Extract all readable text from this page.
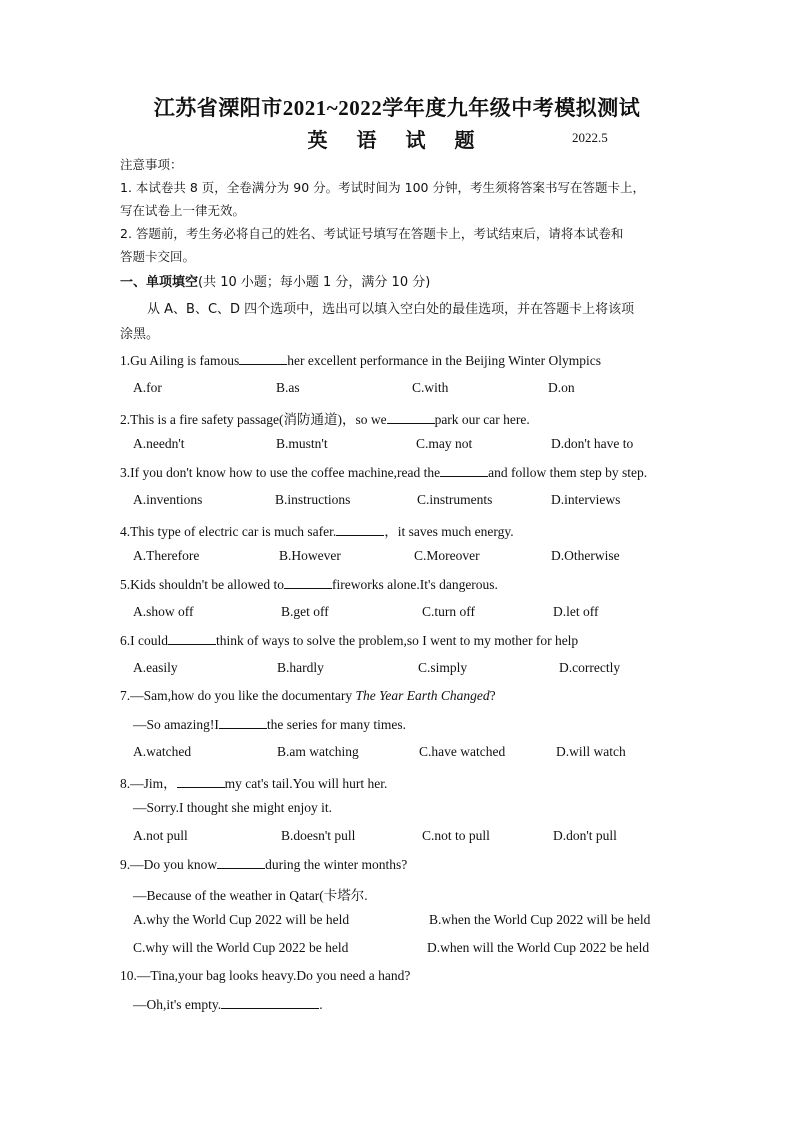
江苏省溧阳市2021~2022学年度九年级中考模拟测试
英 语 试 题	2022.5
注意事项：
1. 本试卷共 8 页，全卷满分为 90 分。考试时间为 100 分钟，考生须将答案书写在答题卡上，
写在试卷上一律无效。
2. 答题前，考生务必将自己的姓名、考试证号填写在答题卡上，考试结束后，请将本试卷和
答题卡交回。
一、单项填空(共 10 小题；每小题 1 分，满分 10 分)
从 A、B、C、D 四个选项中，选出可以填入空白处的最佳选项，并在答题卡上将该项
涂黑。
1.Gu Ailing is famous	her excellent performance in the Beijing Winter Olympics
A.for	B.as	C.with	D.on
2.This is a fire safety passage(消防通道)，so we	park our car here.
A.needn't	B.mustn't	C.may not	D.don't have to
3.If you don't know how to use the coffee machine,read the	and follow them step by step.
A.inventions	B.instructions	C.instruments	D.interviews
4.This type of electric car is much safer.	，it saves much energy.
A.Therefore	B.However	C.Moreover	D.Otherwise
5.Kids shouldn't be allowed to	fireworks alone.It's dangerous.
A.show off	B.get off	C.turn off	D.let off
6.I could	think of ways to solve the problem,so I went to my mother for help
A.easily	B.hardly	C.simply	D.correctly
7.—Sam,how do you like the documentary The Year Earth Changed?
—So amazing!I	the series for many times.
A.watched	B.am watching	C.have watched	D.will watch
8.—Jim，	my cat's tail.You will hurt her.
—Sorry.I thought she might enjoy it.
A.not pull	B.doesn't pull	C.not to pull	D.don't pull
9.—Do you know	during the winter months?
—Because of the weather in Qatar(卡塔尔.
A.why the World Cup 2022 will be held	B.when the World Cup 2022 will be held
C.why will the World Cup 2022 be held	D.when will the World Cup 2022 be held
10.—Tina,your bag looks heavy.Do you need a hand?
—Oh,it's empty.	.
